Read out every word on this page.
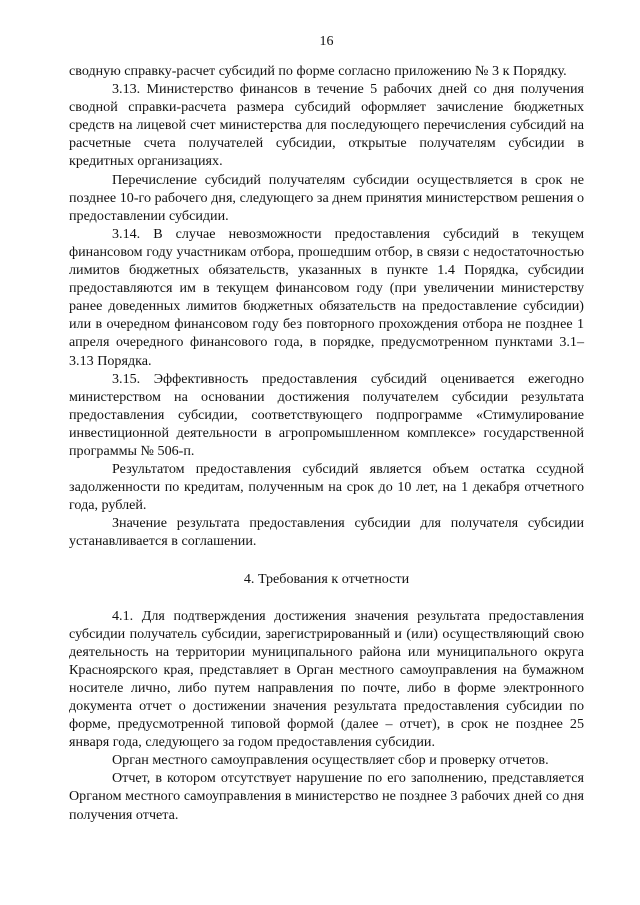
16

сводную справку-расчет субсидий по форме согласно приложению № 3 к Порядку.

3.13. Министерство финансов в течение 5 рабочих дней со дня получения сводной справки-расчета размера субсидий оформляет зачисление бюджетных средств на лицевой счет министерства для последующего перечисления субсидий на расчетные счета получателей субсидии, открытые получателям субсидии в кредитных организациях.

Перечисление субсидий получателям субсидии осуществляется в срок не позднее 10-го рабочего дня, следующего за днем принятия министерством решения о предоставлении субсидии.

3.14. В случае невозможности предоставления субсидий в текущем финансовом году участникам отбора, прошедшим отбор, в связи с недостаточностью лимитов бюджетных обязательств, указанных в пункте 1.4 Порядка, субсидии предоставляются им в текущем финансовом году (при увеличении министерству ранее доведенных лимитов бюджетных обязательств на предоставление субсидии) или в очередном финансовом году без повторного прохождения отбора не позднее 1 апреля очередного финансового года, в порядке, предусмотренном пунктами 3.1–3.13 Порядка.

3.15. Эффективность предоставления субсидий оценивается ежегодно министерством на основании достижения получателем субсидии результата предоставления субсидии, соответствующего подпрограмме «Стимулирование инвестиционной деятельности в агропромышленном комплексе» государственной программы № 506-п.

Результатом предоставления субсидий является объем остатка ссудной задолженности по кредитам, полученным на срок до 10 лет, на 1 декабря отчетного года, рублей.

Значение результата предоставления субсидии для получателя субсидии устанавливается в соглашении.

4. Требования к отчетности

4.1. Для подтверждения достижения значения результата предоставления субсидии получатель субсидии, зарегистрированный и (или) осуществляющий свою деятельность на территории муниципального района или муниципального округа Красноярского края, представляет в Орган местного самоуправления на бумажном носителе лично, либо путем направления по почте, либо в форме электронного документа отчет о достижении значения результата предоставления субсидии по форме, предусмотренной типовой формой (далее – отчет), в срок не позднее 25 января года, следующего за годом предоставления субсидии.

Орган местного самоуправления осуществляет сбор и проверку отчетов.

Отчет, в котором отсутствует нарушение по его заполнению, представляется Органом местного самоуправления в министерство не позднее 3 рабочих дней со дня получения отчета.
